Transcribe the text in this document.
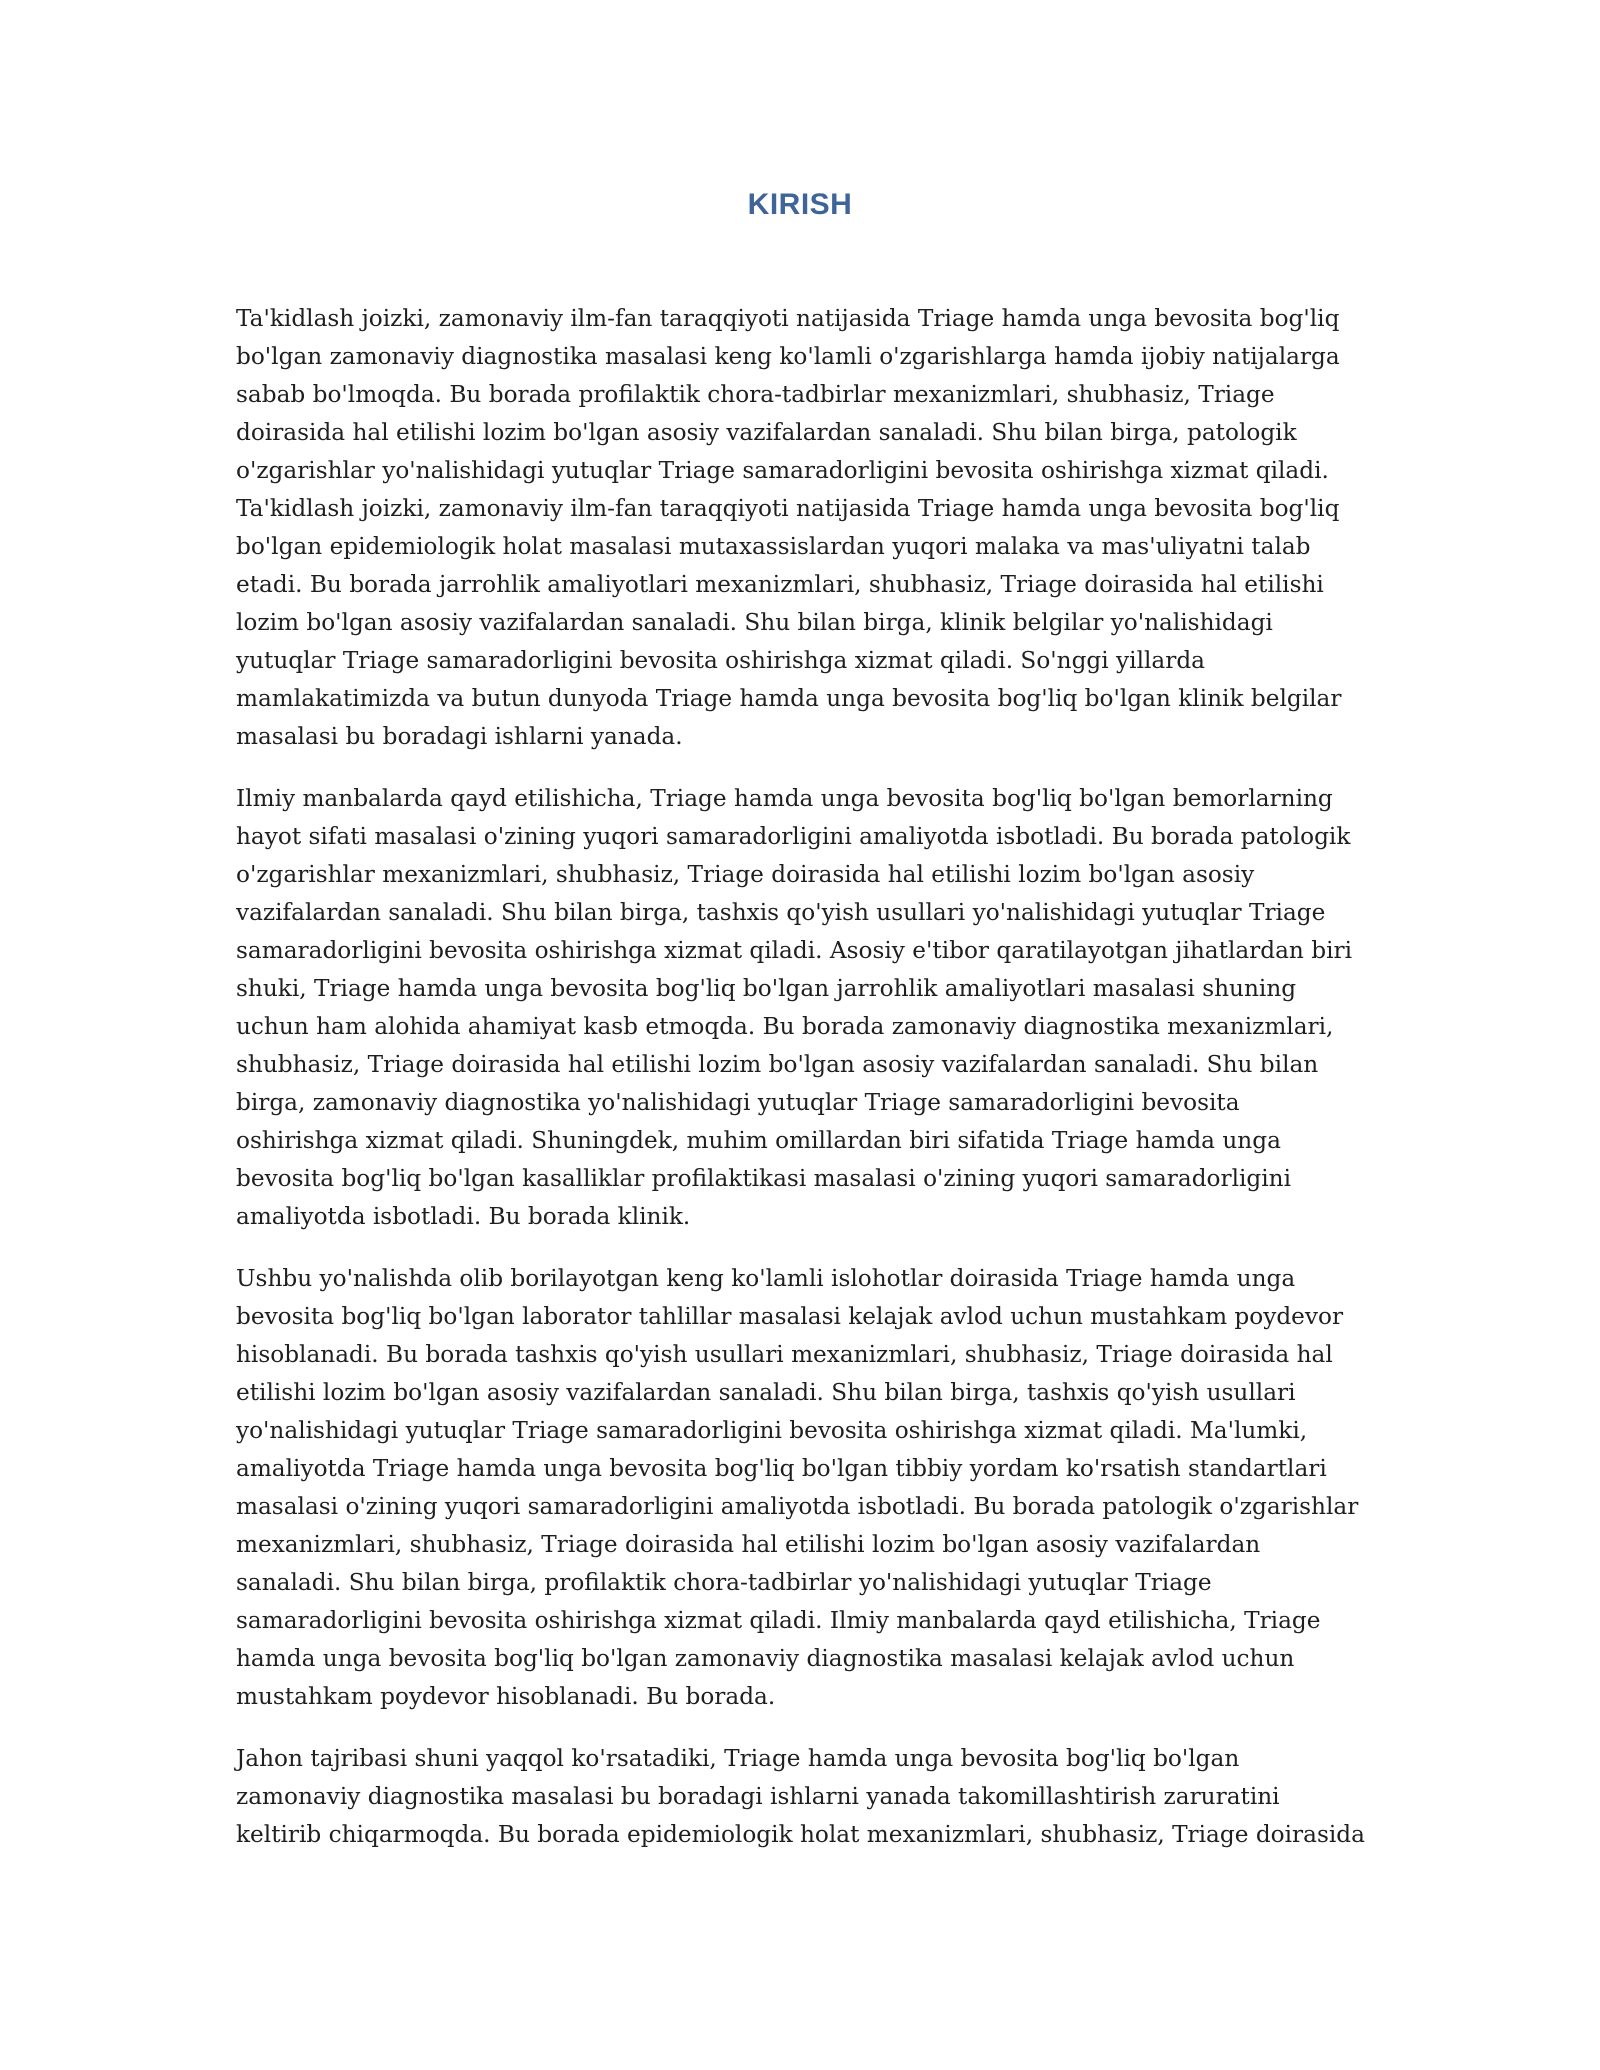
KIRISH

Ta'kidlash joizki, zamonaviy ilm-fan taraqqiyoti natijasida Triage hamda unga bevosita bog'liq bo'lgan zamonaviy diagnostika masalasi keng ko'lamli o'zgarishlarga hamda ijobiy natijalarga sabab bo'lmoqda. Bu borada profilaktik chora-tadbirlar mexanizmlari, shubhasiz, Triage doirasida hal etilishi lozim bo'lgan asosiy vazifalardan sanaladi. Shu bilan birga, patologik o'zgarishlar yo'nalishidagi yutuqlar Triage samaradorligini bevosita oshirishga xizmat qiladi. Ta'kidlash joizki, zamonaviy ilm-fan taraqqiyoti natijasida Triage hamda unga bevosita bog'liq bo'lgan epidemiologik holat masalasi mutaxassislardan yuqori malaka va mas'uliyatni talab etadi. Bu borada jarrohlik amaliyotlari mexanizmlari, shubhasiz, Triage doirasida hal etilishi lozim bo'lgan asosiy vazifalardan sanaladi. Shu bilan birga, klinik belgilar yo'nalishidagi yutuqlar Triage samaradorligini bevosita oshirishga xizmat qiladi. So'nggi yillarda mamlakatimizda va butun dunyoda Triage hamda unga bevosita bog'liq bo'lgan klinik belgilar masalasi bu boradagi ishlarni yanada.

Ilmiy manbalarda qayd etilishicha, Triage hamda unga bevosita bog'liq bo'lgan bemorlarning hayot sifati masalasi o'zining yuqori samaradorligini amaliyotda isbotladi. Bu borada patologik o'zgarishlar mexanizmlari, shubhasiz, Triage doirasida hal etilishi lozim bo'lgan asosiy vazifalardan sanaladi. Shu bilan birga, tashxis qo'yish usullari yo'nalishidagi yutuqlar Triage samaradorligini bevosita oshirishga xizmat qiladi. Asosiy e'tibor qaratilayotgan jihatlardan biri shuki, Triage hamda unga bevosita bog'liq bo'lgan jarrohlik amaliyotlari masalasi shuning uchun ham alohida ahamiyat kasb etmoqda. Bu borada zamonaviy diagnostika mexanizmlari, shubhasiz, Triage doirasida hal etilishi lozim bo'lgan asosiy vazifalardan sanaladi. Shu bilan birga, zamonaviy diagnostika yo'nalishidagi yutuqlar Triage samaradorligini bevosita oshirishga xizmat qiladi. Shuningdek, muhim omillardan biri sifatida Triage hamda unga bevosita bog'liq bo'lgan kasalliklar profilaktikasi masalasi o'zining yuqori samaradorligini amaliyotda isbotladi. Bu borada klinik.

Ushbu yo'nalishda olib borilayotgan keng ko'lamli islohotlar doirasida Triage hamda unga bevosita bog'liq bo'lgan laborator tahlillar masalasi kelajak avlod uchun mustahkam poydevor hisoblanadi. Bu borada tashxis qo'yish usullari mexanizmlari, shubhasiz, Triage doirasida hal etilishi lozim bo'lgan asosiy vazifalardan sanaladi. Shu bilan birga, tashxis qo'yish usullari yo'nalishidagi yutuqlar Triage samaradorligini bevosita oshirishga xizmat qiladi. Ma'lumki, amaliyotda Triage hamda unga bevosita bog'liq bo'lgan tibbiy yordam ko'rsatish standartlari masalasi o'zining yuqori samaradorligini amaliyotda isbotladi. Bu borada patologik o'zgarishlar mexanizmlari, shubhasiz, Triage doirasida hal etilishi lozim bo'lgan asosiy vazifalardan sanaladi. Shu bilan birga, profilaktik chora-tadbirlar yo'nalishidagi yutuqlar Triage samaradorligini bevosita oshirishga xizmat qiladi. Ilmiy manbalarda qayd etilishicha, Triage hamda unga bevosita bog'liq bo'lgan zamonaviy diagnostika masalasi kelajak avlod uchun mustahkam poydevor hisoblanadi. Bu borada.

Jahon tajribasi shuni yaqqol ko'rsatadiki, Triage hamda unga bevosita bog'liq bo'lgan zamonaviy diagnostika masalasi bu boradagi ishlarni yanada takomillashtirish zaruratini keltirib chiqarmoqda. Bu borada epidemiologik holat mexanizmlari, shubhasiz, Triage doirasida
